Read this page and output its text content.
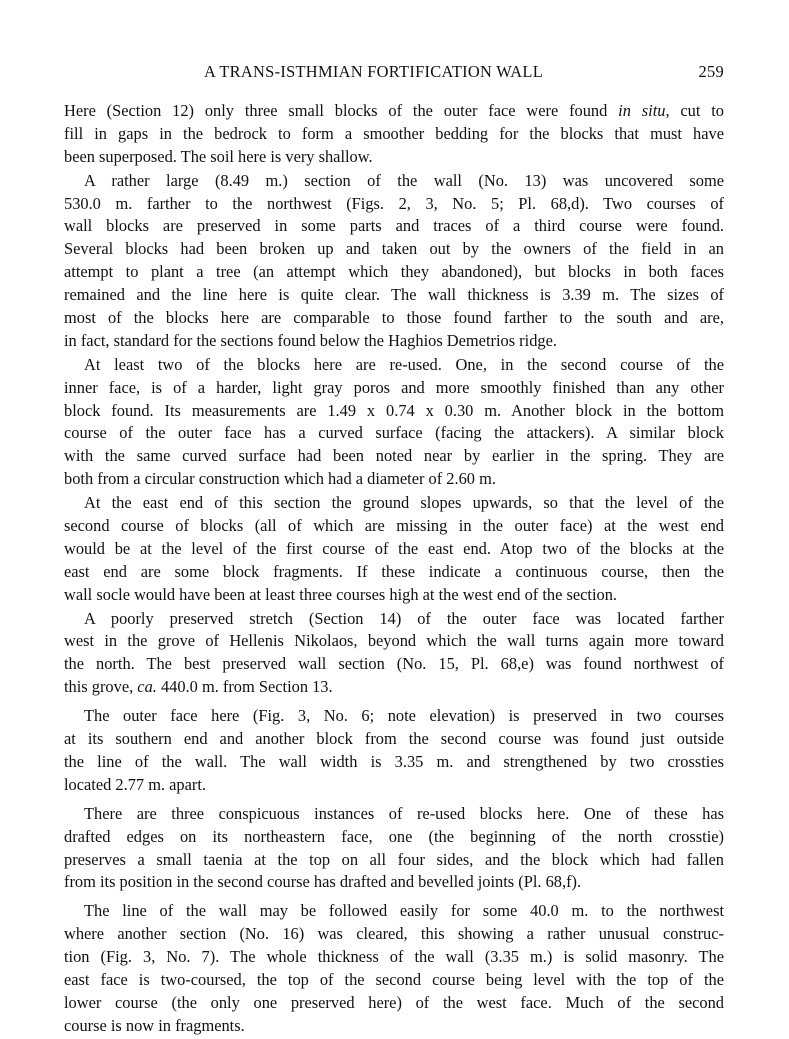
A TRANS-ISTHMIAN FORTIFICATION WALL	259
Here (Section 12) only three small blocks of the outer face were found in situ, cut to
fill in gaps in the bedrock to form a smoother bedding for the blocks that must have
been superposed. The soil here is very shallow.
A rather large (8.49 m.) section of the wall (No. 13) was uncovered some
530.0 m. farther to the northwest (Figs. 2, 3, No. 5; Pl. 68,d). Two courses of
wall blocks are preserved in some parts and traces of a third course were found.
Several blocks had been broken up and taken out by the owners of the field in an
attempt to plant a tree (an attempt which they abandoned), but blocks in both faces
remained and the line here is quite clear. The wall thickness is 3.39 m. The sizes of
most of the blocks here are comparable to those found farther to the south and are,
in fact, standard for the sections found below the Haghios Demetrios ridge.
At least two of the blocks here are re-used. One, in the second course of the
inner face, is of a harder, light gray poros and more smoothly finished than any other
block found. Its measurements are 1.49 x 0.74 x 0.30 m. Another block in the bottom
course of the outer face has a curved surface (facing the attackers). A similar block
with the same curved surface had been noted near by earlier in the spring. They are
both from a circular construction which had a diameter of 2.60 m.
At the east end of this section the ground slopes upwards, so that the level of the
second course of blocks (all of which are missing in the outer face) at the west end
would be at the level of the first course of the east end. Atop two of the blocks at the
east end are some block fragments. If these indicate a continuous course, then the
wall socle would have been at least three courses high at the west end of the section.
A poorly preserved stretch (Section 14) of the outer face was located farther
west in the grove of Hellenis Nikolaos, beyond which the wall turns again more toward
the north. The best preserved wall section (No. 15, Pl. 68,e) was found northwest of
this grove, ca. 440.0 m. from Section 13.
The outer face here (Fig. 3, No. 6; note elevation) is preserved in two courses
at its southern end and another block from the second course was found just outside
the line of the wall. The wall width is 3.35 m. and strengthened by two crossties
located 2.77 m. apart.
There are three conspicuous instances of re-used blocks here. One of these has
drafted edges on its northeastern face, one (the beginning of the north crosstie)
preserves a small taenia at the top on all four sides, and the block which had fallen
from its position in the second course has drafted and bevelled joints (Pl. 68,f).
The line of the wall may be followed easily for some 40.0 m. to the northwest
where another section (No. 16) was cleared, this showing a rather unusual construc-
tion (Fig. 3, No. 7). The whole thickness of the wall (3.35 m.) is solid masonry. The
east face is two-coursed, the top of the second course being level with the top of the
lower course (the only one preserved here) of the west face. Much of the second
course is now in fragments.
